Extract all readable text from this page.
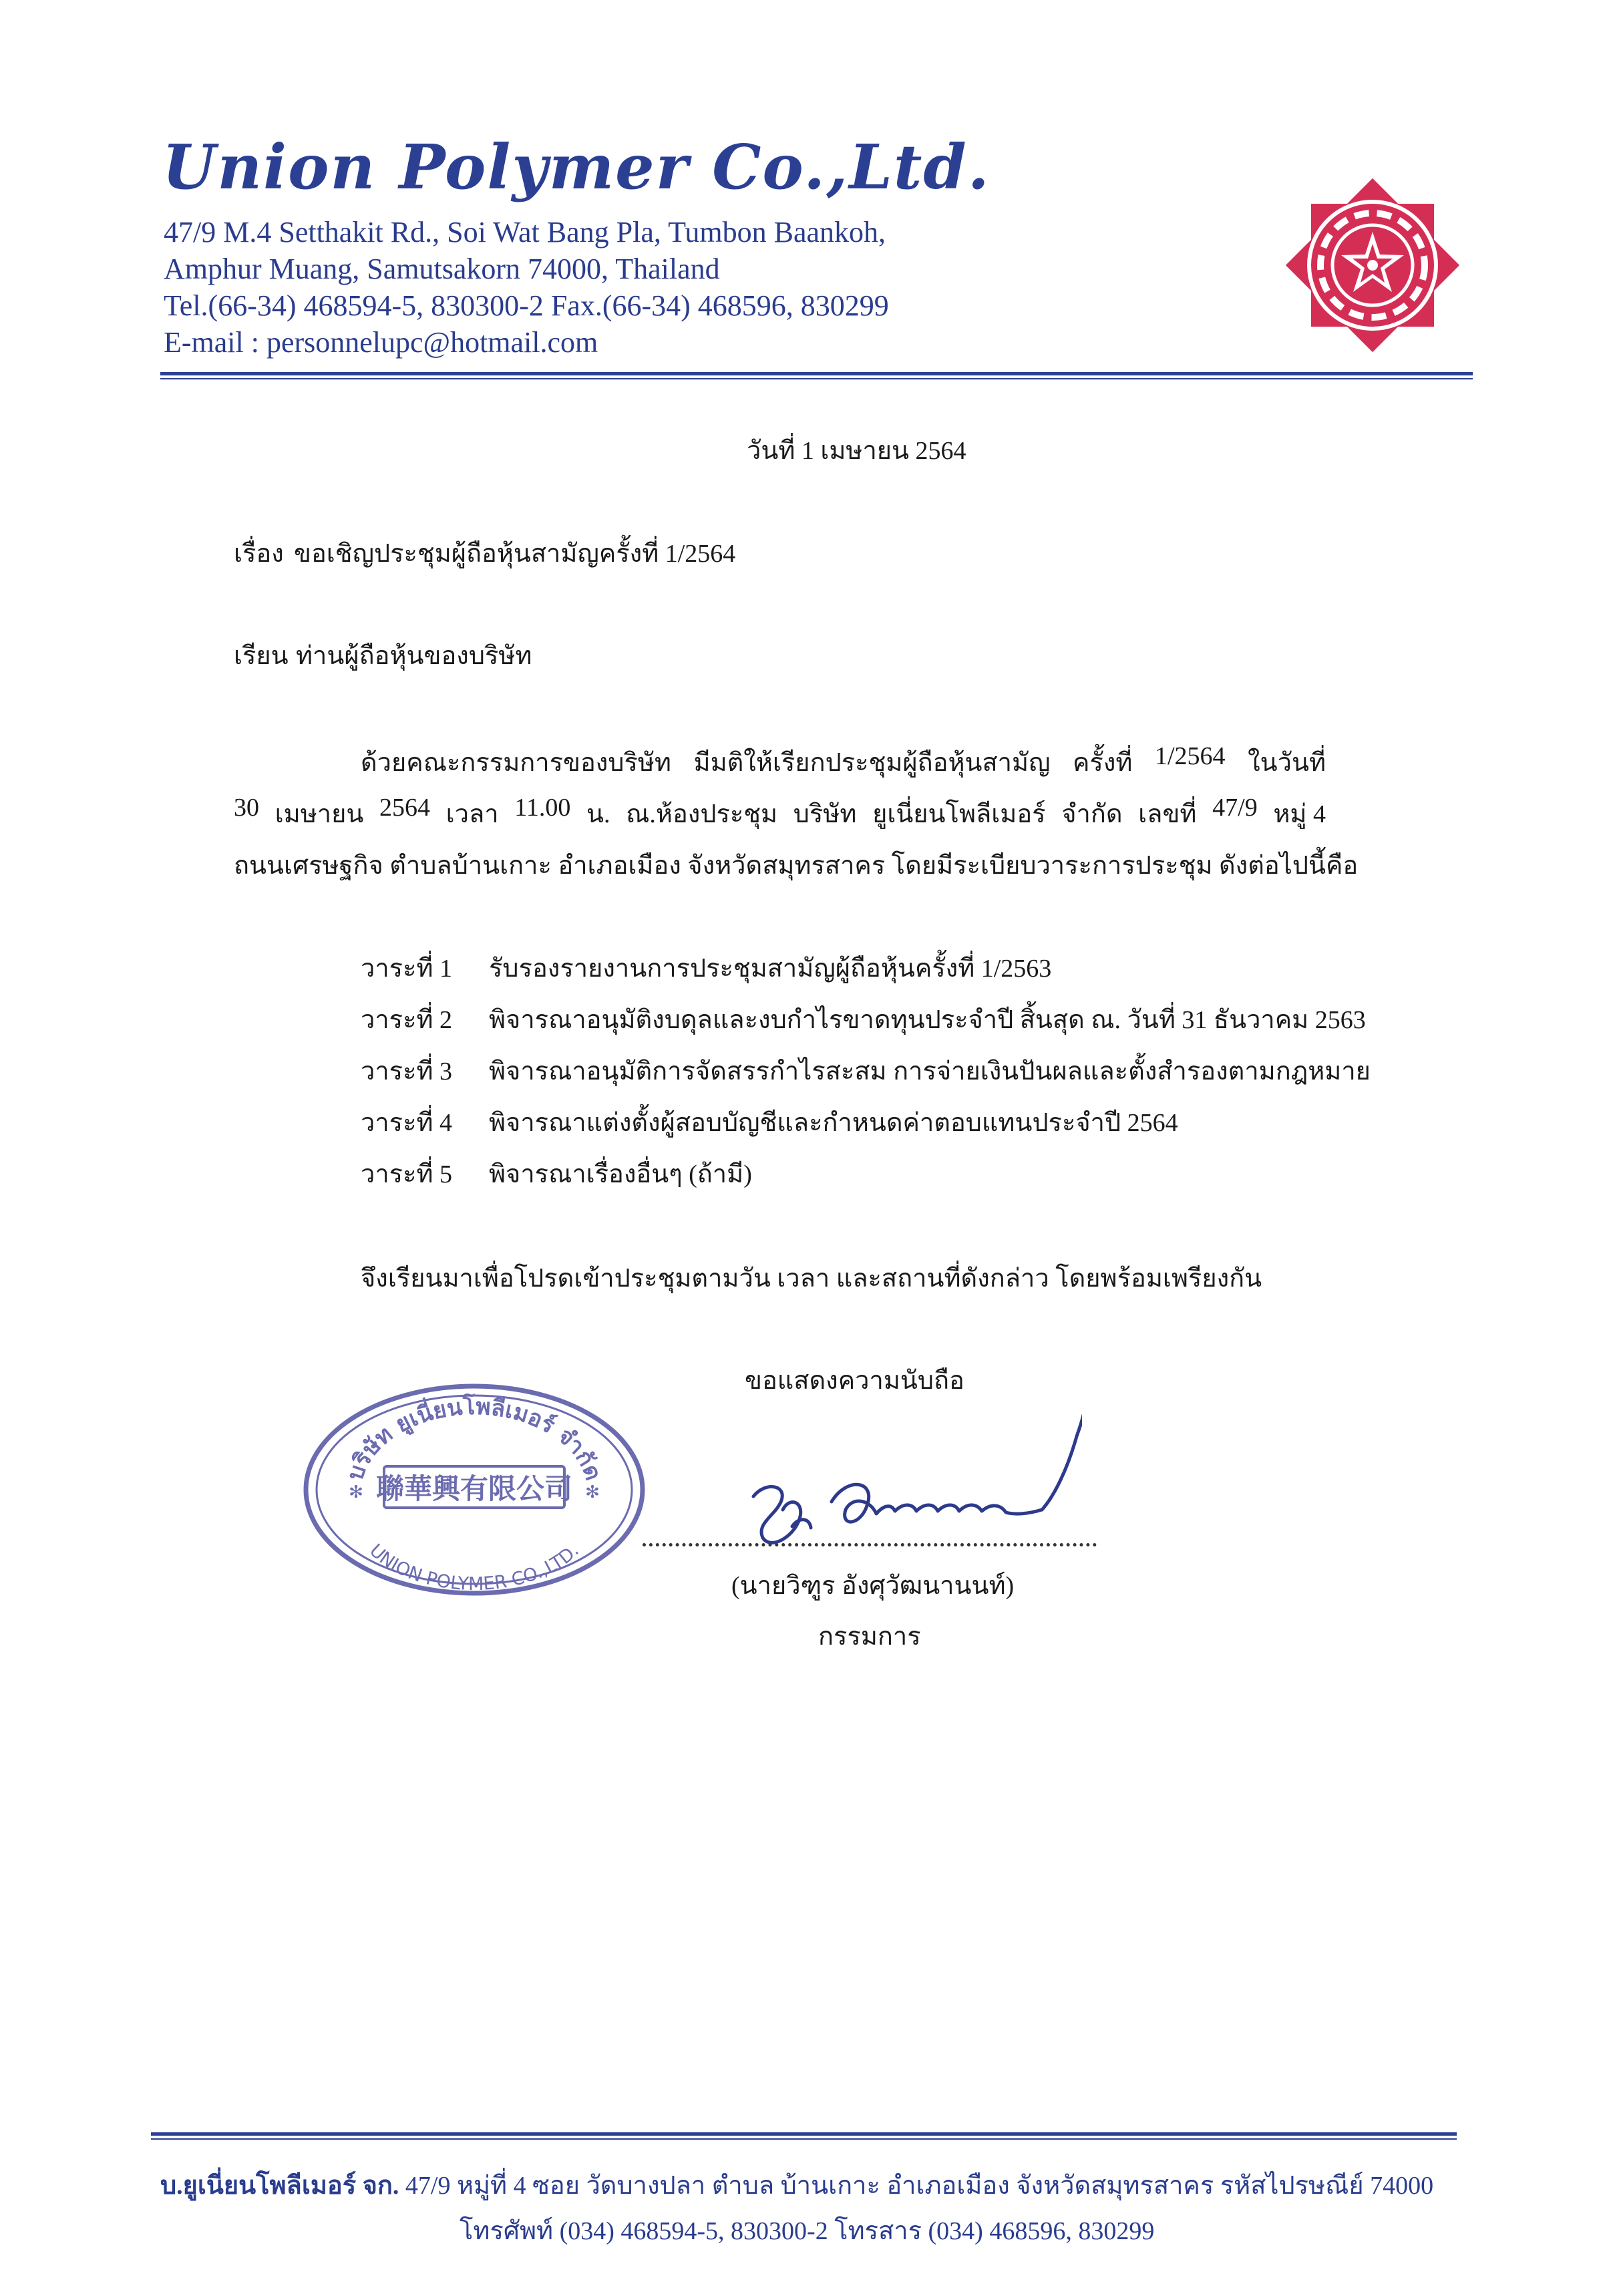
Union Polymer Co.,Ltd.
47/9 M.4 Setthakit Rd., Soi Wat Bang Pla, Tumbon Baankoh,
Amphur Muang, Samutsakorn 74000, Thailand
Tel.(66-34) 468594-5, 830300-2 Fax.(66-34) 468596, 830299
E-mail : personnelupc@hotmail.com
วันที่ 1 เมษายน 2564
เรื่อง ขอเชิญประชุมผู้ถือหุ้นสามัญครั้งที่ 1/2564
เรียน ท่านผู้ถือหุ้นของบริษัท
ด้วยคณะกรรมการของบริษัท มีมติให้เรียกประชุมผู้ถือหุ้นสามัญ ครั้งที่ 1/2564 ในวันที่
30 เมษายน 2564 เวลา 11.00 น. ณ.ห้องประชุม บริษัท ยูเนี่ยนโพลีเมอร์ จำกัด เลขที่ 47/9 หมู่ 4
ถนนเศรษฐกิจ ตำบลบ้านเกาะ อำเภอเมือง จังหวัดสมุทรสาคร โดยมีระเบียบวาระการประชุม ดังต่อไปนี้คือ
วาระที่ 1 รับรองรายงานการประชุมสามัญผู้ถือหุ้นครั้งที่ 1/2563
วาระที่ 2 พิจารณาอนุมัติงบดุลและงบกำไรขาดทุนประจำปี สิ้นสุด ณ. วันที่ 31 ธันวาคม 2563
วาระที่ 3 พิจารณาอนุมัติการจัดสรรกำไรสะสม การจ่ายเงินปันผลและตั้งสำรองตามกฎหมาย
วาระที่ 4 พิจารณาแต่งตั้งผู้สอบบัญชีและกำหนดค่าตอบแทนประจำปี 2564
วาระที่ 5 พิจารณาเรื่องอื่นๆ (ถ้ามี)
จึงเรียนมาเพื่อโปรดเข้าประชุมตามวัน เวลา และสถานที่ดังกล่าว โดยพร้อมเพรียงกัน
ขอแสดงความนับถือ
บริษัท ยูเนี่ยนโพลีเมอร์ จำกัด
聯華興有限公司
UNION POLYMER CO.,LTD.
✻	✻
(นายวิฑูร อังศุวัฒนานนท์)
กรรมการ
บ.ยูเนี่ยนโพลีเมอร์ จก. 47/9 หมู่ที่ 4 ซอย วัดบางปลา ตำบล บ้านเกาะ อำเภอเมือง จังหวัดสมุทรสาคร รหัสไปรษณีย์ 74000
โทรศัพท์ (034) 468594-5, 830300-2 โทรสาร (034) 468596, 830299
